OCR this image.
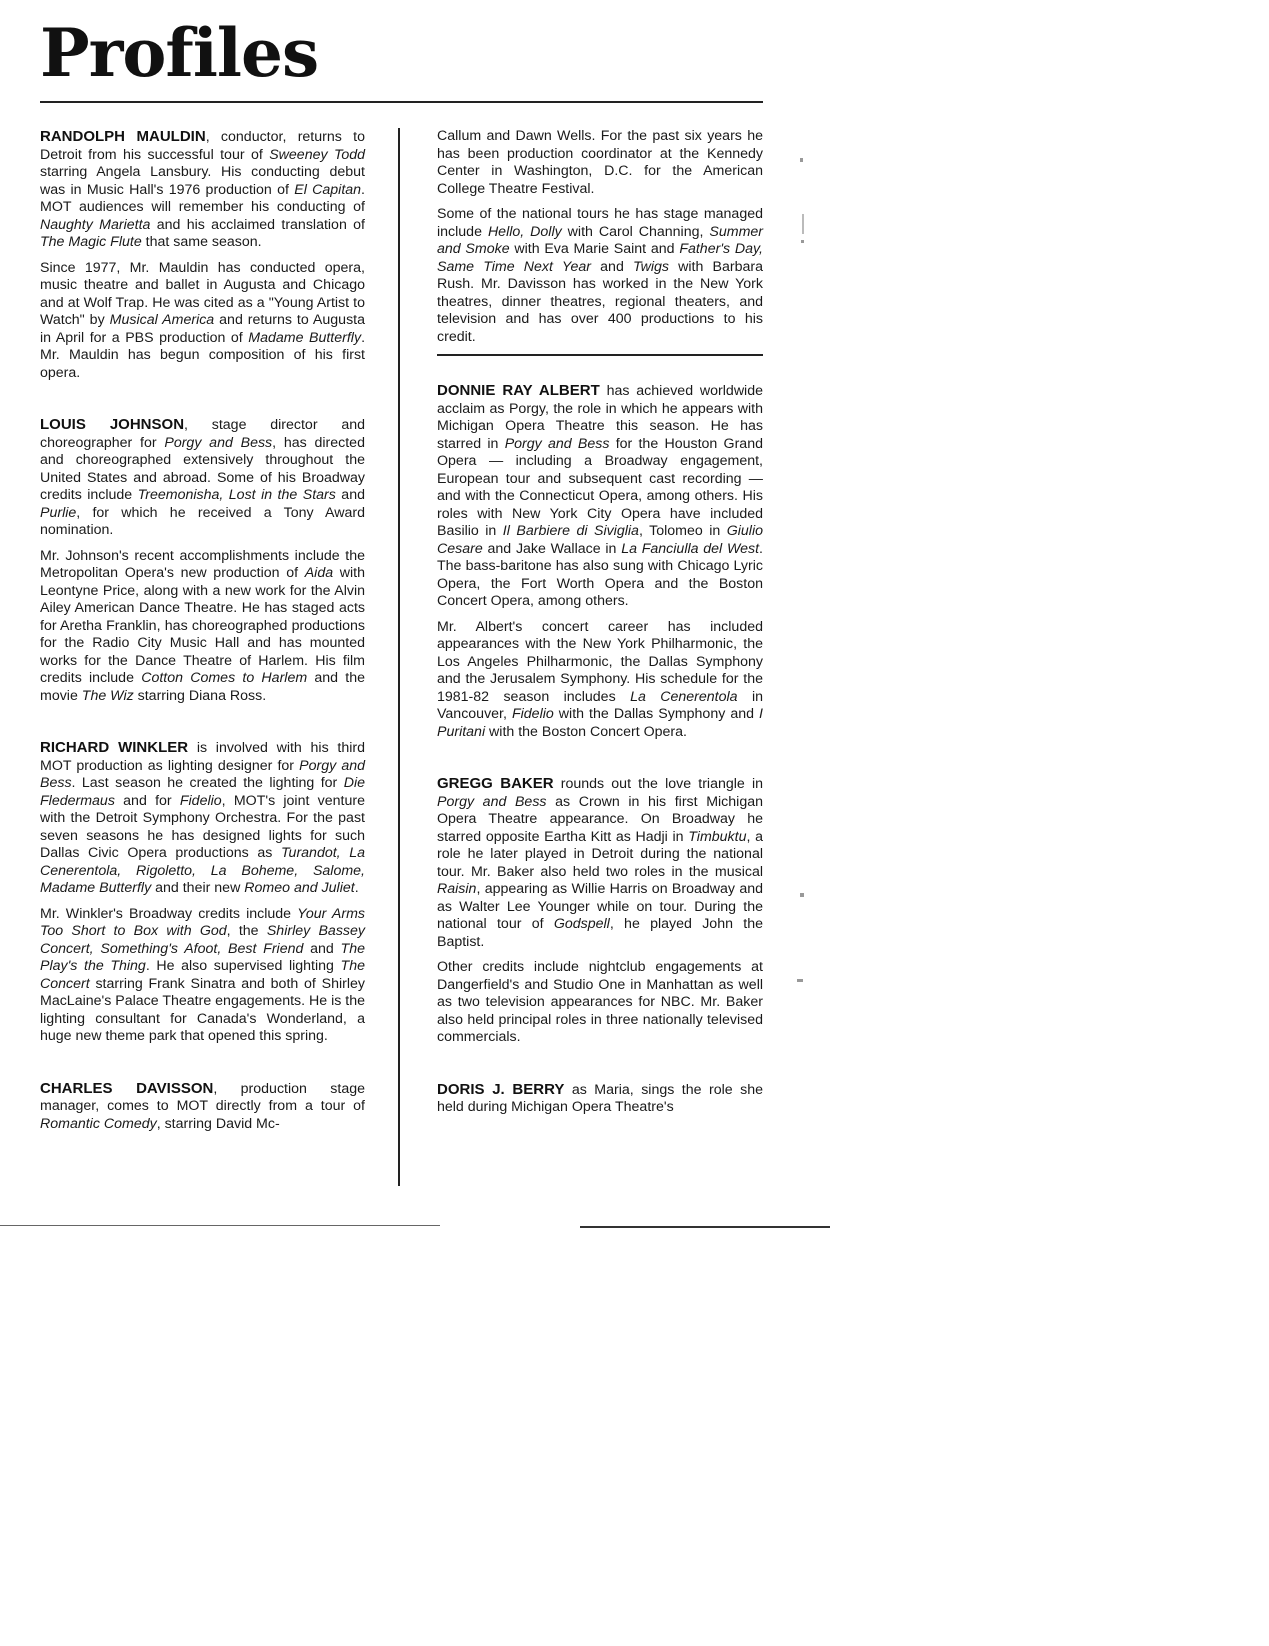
Profiles

RANDOLPH MAULDIN, conductor, returns to Detroit from his successful tour of Sweeney Todd starring Angela Lansbury. His conducting debut was in Music Hall's 1976 production of El Capitan. MOT audiences will remember his conducting of Naughty Marietta and his acclaimed translation of The Magic Flute that same season.

Since 1977, Mr. Mauldin has conducted opera, music theatre and ballet in Augusta and Chicago and at Wolf Trap. He was cited as a "Young Artist to Watch" by Musical America and returns to Augusta in April for a PBS production of Madame Butterfly. Mr. Mauldin has begun composition of his first opera.

LOUIS JOHNSON, stage director and choreographer for Porgy and Bess, has directed and choreographed extensively throughout the United States and abroad. Some of his Broadway credits include Treemonisha, Lost in the Stars and Purlie, for which he received a Tony Award nomination.

Mr. Johnson's recent accomplishments include the Metropolitan Opera's new production of Aida with Leontyne Price, along with a new work for the Alvin Ailey American Dance Theatre. He has staged acts for Aretha Franklin, has choreographed productions for the Radio City Music Hall and has mounted works for the Dance Theatre of Harlem. His film credits include Cotton Comes to Harlem and the movie The Wiz starring Diana Ross.

RICHARD WINKLER is involved with his third MOT production as lighting designer for Porgy and Bess. Last season he created the lighting for Die Fledermaus and for Fidelio, MOT's joint venture with the Detroit Symphony Orchestra. For the past seven seasons he has designed lights for such Dallas Civic Opera productions as Turandot, La Cenerentola, Rigoletto, La Boheme, Salome, Madame Butterfly and their new Romeo and Juliet.

Mr. Winkler's Broadway credits include Your Arms Too Short to Box with God, the Shirley Bassey Concert, Something's Afoot, Best Friend and The Play's the Thing. He also supervised lighting The Concert starring Frank Sinatra and both of Shirley MacLaine's Palace Theatre engagements. He is the lighting consultant for Canada's Wonderland, a huge new theme park that opened this spring.

CHARLES DAVISSON, production stage manager, comes to MOT directly from a tour of Romantic Comedy, starring David Mc-

Callum and Dawn Wells. For the past six years he has been production coordinator at the Kennedy Center in Washington, D.C. for the American College Theatre Festival.

Some of the national tours he has stage managed include Hello, Dolly with Carol Channing, Summer and Smoke with Eva Marie Saint and Father's Day, Same Time Next Year and Twigs with Barbara Rush. Mr. Davisson has worked in the New York theatres, dinner theatres, regional theaters, and television and has over 400 productions to his credit.

DONNIE RAY ALBERT has achieved worldwide acclaim as Porgy, the role in which he appears with Michigan Opera Theatre this season. He has starred in Porgy and Bess for the Houston Grand Opera — including a Broadway engagement, European tour and subsequent cast recording — and with the Connecticut Opera, among others. His roles with New York City Opera have included Basilio in Il Barbiere di Siviglia, Tolomeo in Giulio Cesare and Jake Wallace in La Fanciulla del West. The bass-baritone has also sung with Chicago Lyric Opera, the Fort Worth Opera and the Boston Concert Opera, among others.

Mr. Albert's concert career has included appearances with the New York Philharmonic, the Los Angeles Philharmonic, the Dallas Symphony and the Jerusalem Symphony. His schedule for the 1981-82 season includes La Cenerentola in Vancouver, Fidelio with the Dallas Symphony and I Puritani with the Boston Concert Opera.

GREGG BAKER rounds out the love triangle in Porgy and Bess as Crown in his first Michigan Opera Theatre appearance. On Broadway he starred opposite Eartha Kitt as Hadji in Timbuktu, a role he later played in Detroit during the national tour. Mr. Baker also held two roles in the musical Raisin, appearing as Willie Harris on Broadway and as Walter Lee Younger while on tour. During the national tour of Godspell, he played John the Baptist.

Other credits include nightclub engagements at Dangerfield's and Studio One in Manhattan as well as two television appearances for NBC. Mr. Baker also held principal roles in three nationally televised commercials.

DORIS J. BERRY as Maria, sings the role she held during Michigan Opera Theatre's
